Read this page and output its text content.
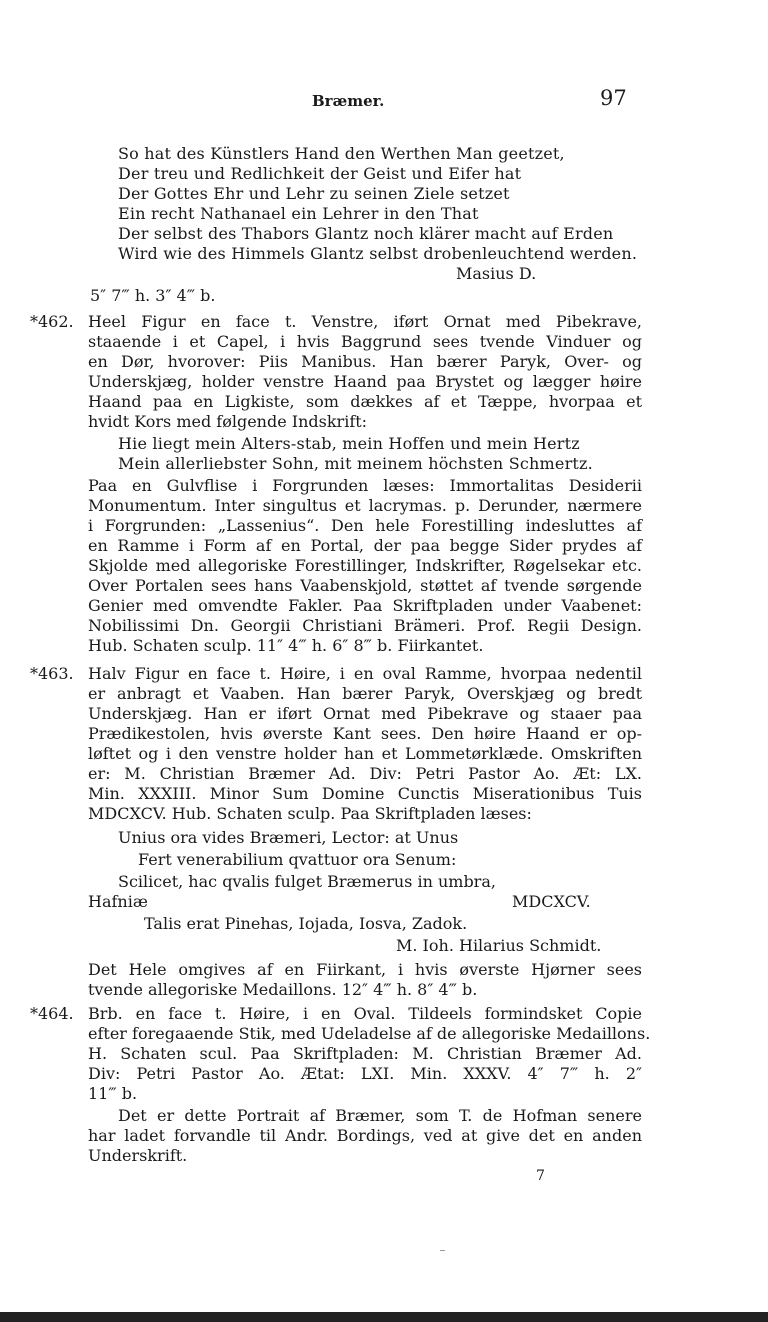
Bræmer.	97
So hat des Künstlers Hand den Werthen Man geetzet,
Der treu und Redlichkeit der Geist und Eifer hat
Der Gottes Ehr und Lehr zu seinen Ziele setzet
Ein recht Nathanael ein Lehrer in den That
Der selbst des Thabors Glantz noch klärer macht auf Erden
Wird wie des Himmels Glantz selbst drobenleuchtend werden.
Masius D.
5″ 7‴ h. 3″ 4‴ b.
*462. Heel Figur en face t. Venstre, iført Ornat med Pibekrave,
staaende i et Capel, i hvis Baggrund sees tvende Vinduer og
en Dør, hvorover: Piis Manibus. Han bærer Paryk, Over- og
Underskjæg, holder venstre Haand paa Brystet og lægger høire
Haand paa en Ligkiste, som dækkes af et Tæppe, hvorpaa et
hvidt Kors med følgende Indskrift:
Hie liegt mein Alters-stab, mein Hoffen und mein Hertz
Mein allerliebster Sohn, mit meinem höchsten Schmertz.
Paa en Gulvflise i Forgrunden læses: Immortalitas Desiderii
Monumentum. Inter singultus et lacrymas. p. Derunder, nærmere
i Forgrunden: „Lassenius“. Den hele Forestilling indesluttes af
en Ramme i Form af en Portal, der paa begge Sider prydes af
Skjolde med allegoriske Forestillinger, Indskrifter, Røgelsekar etc.
Over Portalen sees hans Vaabenskjold, støttet af tvende sørgende
Genier med omvendte Fakler. Paa Skriftpladen under Vaabenet:
Nobilissimi Dn. Georgii Christiani Brämeri. Prof. Regii Design.
Hub. Schaten sculp. 11″ 4‴ h. 6″ 8‴ b. Fiirkantet.
*463. Halv Figur en face t. Høire, i en oval Ramme, hvorpaa nedentil
er anbragt et Vaaben. Han bærer Paryk, Overskjæg og bredt
Underskjæg. Han er iført Ornat med Pibekrave og staaer paa
Prædikestolen, hvis øverste Kant sees. Den høire Haand er op-
løftet og i den venstre holder han et Lommetørklæde. Omskriften
er: M. Christian Bræmer Ad. Div: Petri Pastor Ao. Æt: LX.
Min. XXXIII. Minor Sum Domine Cunctis Miserationibus Tuis
MDCXCV. Hub. Schaten sculp. Paa Skriftpladen læses:
Unius ora vides Bræmeri, Lector: at Unus
Fert venerabilium qvattuor ora Senum:
Scilicet, hac qvalis fulget Bræmerus in umbra,
Hafniæ	MDCXCV.
Talis erat Pinehas, Iojada, Iosva, Zadok.
M. Ioh. Hilarius Schmidt.
Det Hele omgives af en Fiirkant, i hvis øverste Hjørner sees
tvende allegoriske Medaillons. 12″ 4‴ h. 8″ 4‴ b.
*464. Brb. en face t. Høire, i en Oval. Tildeels formindsket Copie
efter foregaaende Stik, med Udeladelse af de allegoriske Medaillons.
H. Schaten scul. Paa Skriftpladen: M. Christian Bræmer Ad.
Div: Petri Pastor Ao. Ætat: LXI. Min. XXXV. 4″ 7‴ h. 2″
11‴ b.
Det er dette Portrait af Bræmer, som T. de Hofman senere
har ladet forvandle til Andr. Bordings, ved at give det en anden
Underskrift.
7
